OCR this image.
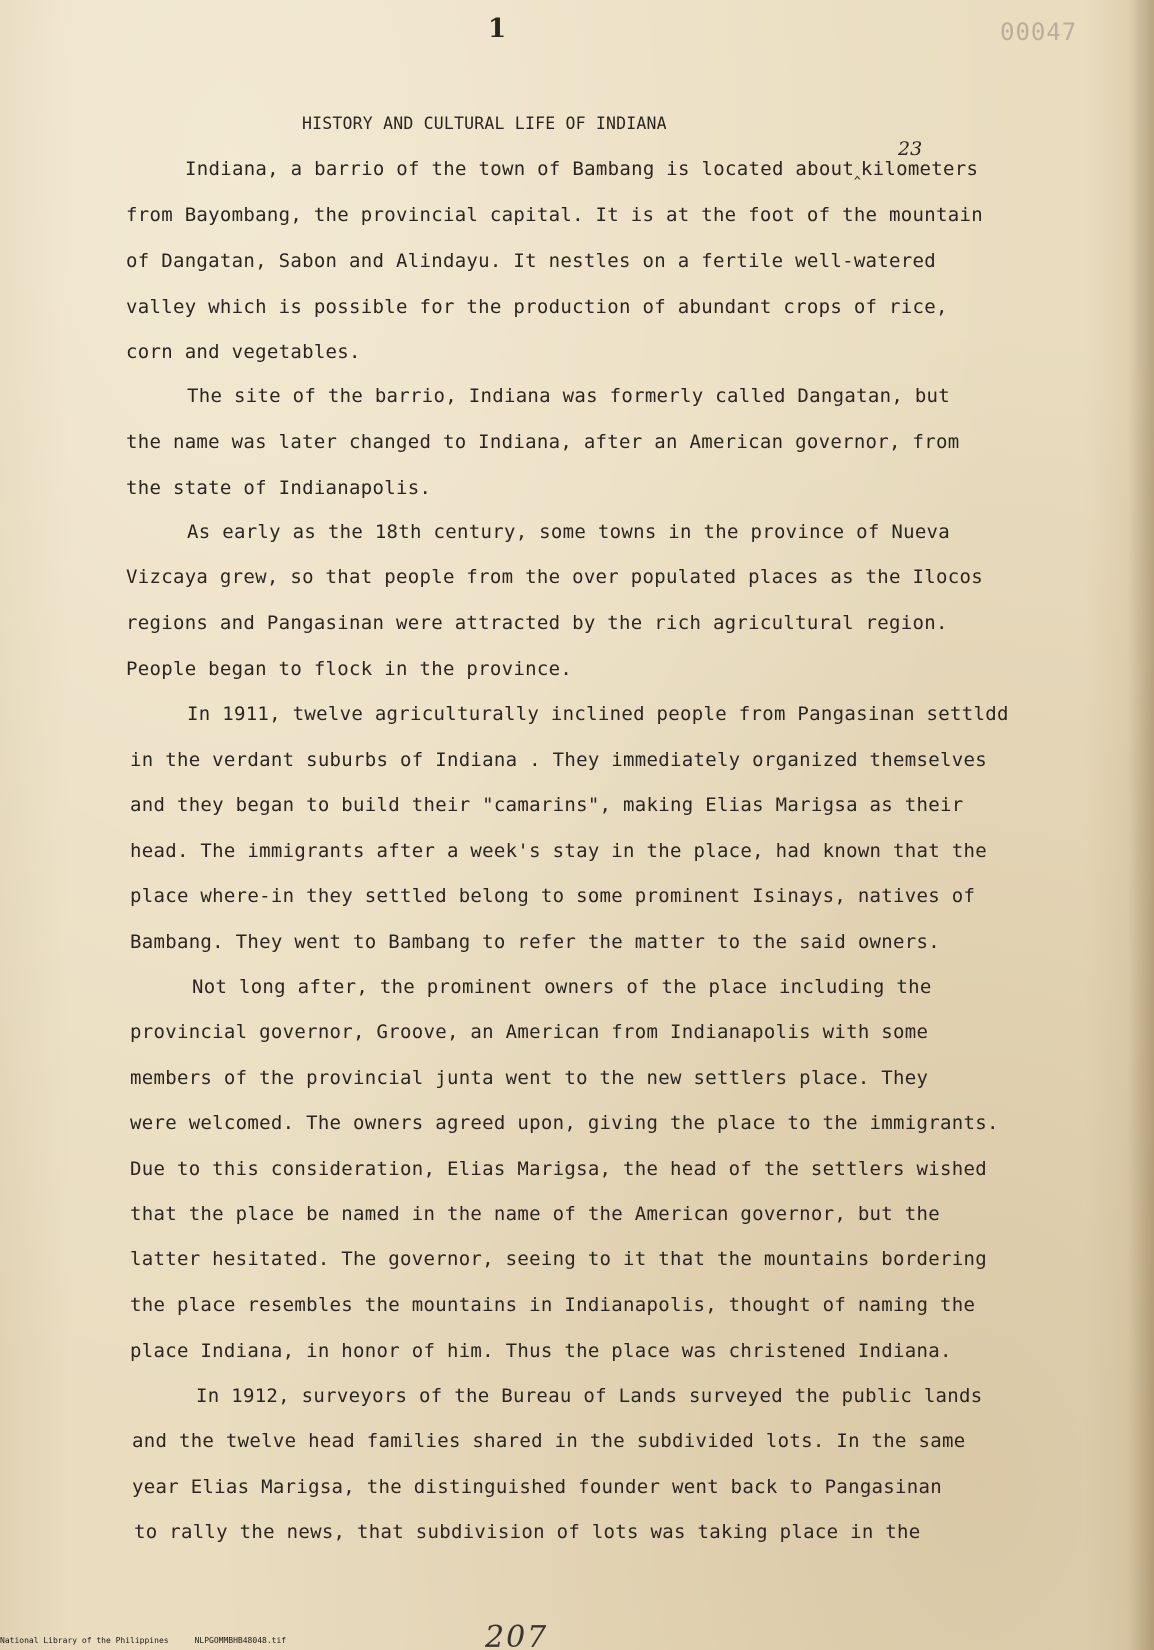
1	00047
HISTORY AND CULTURAL LIFE OF INDIANA
23
Indiana, a barrio of the town of Bambang is located about‸kilometers
from Bayombang, the provincial capital. It is at the foot of the mountain
of Dangatan, Sabon and Alindayu. It nestles on a fertile well-watered
valley which is possible for the production of abundant crops of rice,
corn and vegetables.
The site of the barrio, Indiana was formerly called Dangatan, but
the name was later changed to Indiana, after an American governor, from
the state of Indianapolis.
As early as the 18th century, some towns in the province of Nueva
Vizcaya grew, so that people from the over populated places as the Ilocos
regions and Pangasinan were attracted by the rich agricultural region.
People began to flock in the province.
In 1911, twelve agriculturally inclined people from Pangasinan settldd
in the verdant suburbs of Indiana . They immediately organized themselves
and they began to build their "camarins", making Elias Marigsa as their
head. The immigrants after a week's stay in the place, had known that the
place where-in they settled belong to some prominent Isinays, natives of
Bambang. They went to Bambang to refer the matter to the said owners.
Not long after, the prominent owners of the place including the
provincial governor, Groove, an American from Indianapolis with some
members of the provincial junta went to the new settlers place. They
were welcomed. The owners agreed upon, giving the place to the immigrants.
Due to this consideration, Elias Marigsa, the head of the settlers wished
that the place be named in the name of the American governor, but the
latter hesitated. The governor, seeing to it that the mountains bordering
the place resembles the mountains in Indianapolis, thought of naming the
place Indiana, in honor of him. Thus the place was christened Indiana.
In 1912, surveyors of the Bureau of Lands surveyed the public lands
and the twelve head families shared in the subdivided lots. In the same
year Elias Marigsa, the distinguished founder went back to Pangasinan
to rally the news, that subdivision of lots was taking place in the
207
National Library of the Philippines	NLPGOMMBHB48048.tif
